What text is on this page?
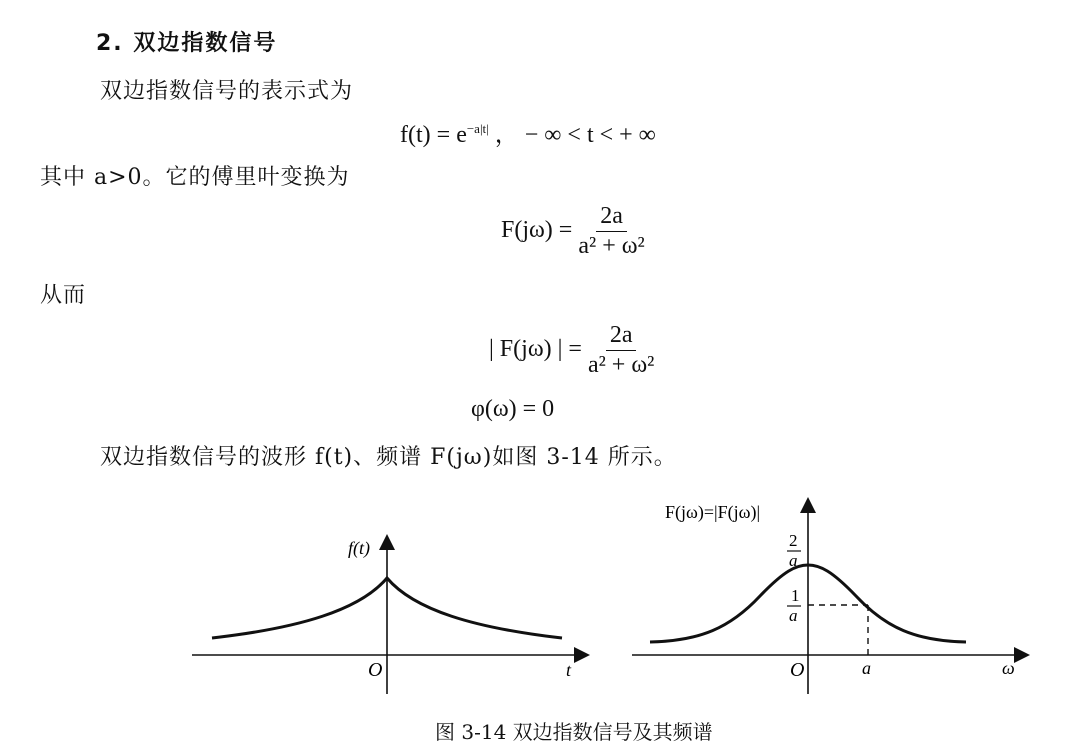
2. 双边指数信号
双边指数信号的表示式为
$f(t) = e^{-a|t|}$ ， − ∞ < t < + ∞
其中 a>0。它的傅里叶变换为
$F(j\omega) = \frac{2a}{\text{a² + ω²}}$
从而
| F(jω) | = $\frac{2a}{\text{a² + ω²}}$
φ(ω) = 0
双边指数信号的波形 f(t)、频谱 F(jω)如图 3-14 所示。
f(t)
t
O
F(jω)=|F(jω)|
2
a
1
a
O	a	ω
图 3-14 双边指数信号及其频谱
